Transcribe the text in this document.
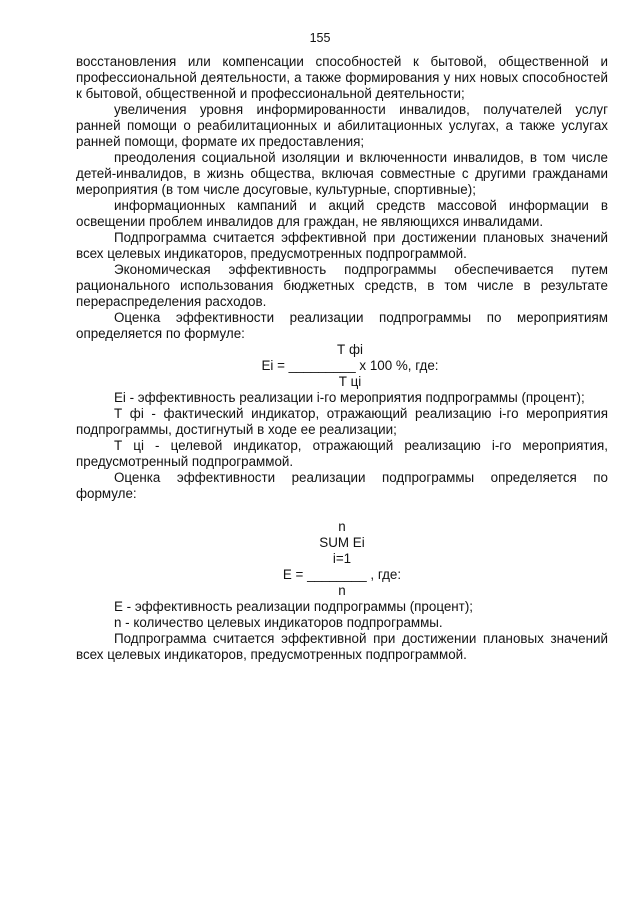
155

восстановления или компенсации способностей к бытовой, общественной и профессиональной деятельности, а также формирования у них новых способностей к бытовой, общественной и профессиональной деятельности;

увеличения уровня информированности инвалидов, получателей услуг ранней помощи о реабилитационных и абилитационных услугах, а также услугах ранней помощи, формате их предоставления;

преодоления социальной изоляции и включенности инвалидов, в том числе детей-инвалидов, в жизнь общества, включая совместные с другими гражданами мероприятия (в том числе досуговые, культурные, спортивные);

информационных кампаний и акций средств массовой информации в освещении проблем инвалидов для граждан, не являющихся инвалидами.

Подпрограмма считается эффективной при достижении плановых значений всех целевых индикаторов, предусмотренных подпрограммой.

Экономическая эффективность подпрограммы обеспечивается путем рационального использования бюджетных средств, в том числе в результате перераспределения расходов.

Оценка эффективности реализации подпрограммы по мероприятиям определяется по формуле:

Т фi
Ei = _________ х 100 %, где:
Т цi

Ei - эффективность реализации i-го мероприятия подпрограммы (процент);

Т фi - фактический индикатор, отражающий реализацию i-го мероприятия подпрограммы, достигнутый в ходе ее реализации;

Т цi - целевой индикатор, отражающий реализацию i-го мероприятия, предусмотренный подпрограммой.

Оценка эффективности реализации подпрограммы определяется по формуле:

n
SUM Ei
i=1
E = ________ , где:
n

E - эффективность реализации подпрограммы (процент);

n - количество целевых индикаторов подпрограммы.

Подпрограмма считается эффективной при достижении плановых значений всех целевых индикаторов, предусмотренных подпрограммой.
